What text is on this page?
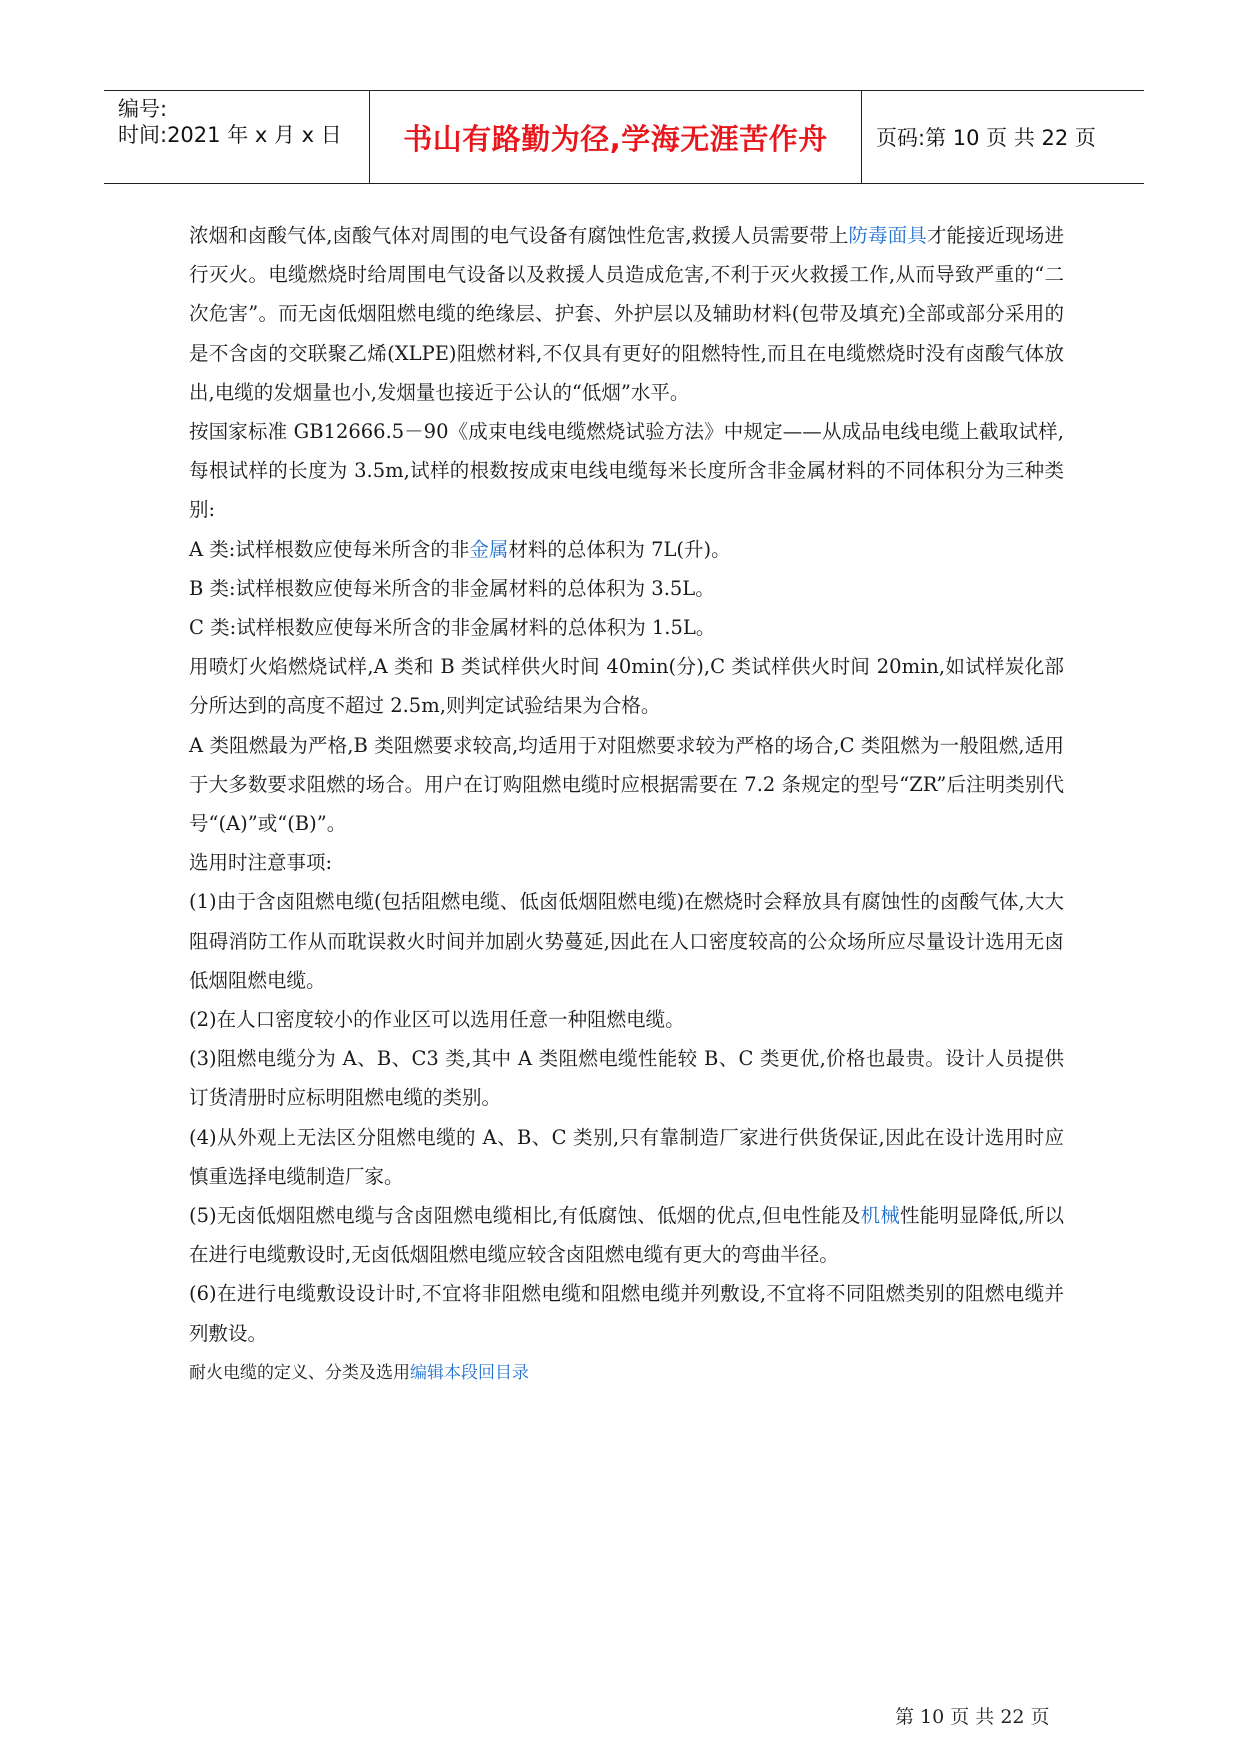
编号:
时间:2021 年 x 月 x 日 书山有路勤为径,学海无涯苦作舟 页码:第 10 页 共 22 页

浓烟和卤酸气体,卤酸气体对周围的电气设备有腐蚀性危害,救援人员需要带上防毒面具才能接近现场进行灭火。电缆燃烧时给周围电气设备以及救援人员造成危害,不利于灭火救援工作,从而导致严重的“二次危害”。而无卤低烟阻燃电缆的绝缘层、护套、外护层以及辅助材料(包带及填充)全部或部分采用的是不含卤的交联聚乙烯(XLPE)阻燃材料,不仅具有更好的阻燃特性,而且在电缆燃烧时没有卤酸气体放出,电缆的发烟量也小,发烟量也接近于公认的“低烟”水平。

按国家标准 GB12666.5－90《成束电线电缆燃烧试验方法》中规定——从成品电线电缆上截取试样,每根试样的长度为 3.5m,试样的根数按成束电线电缆每米长度所含非金属材料的不同体积分为三种类别:

A 类:试样根数应使每米所含的非金属材料的总体积为 7L(升)。

B 类:试样根数应使每米所含的非金属材料的总体积为 3.5L。

C 类:试样根数应使每米所含的非金属材料的总体积为 1.5L。

用喷灯火焰燃烧试样,A 类和 B 类试样供火时间 40min(分),C 类试样供火时间 20min,如试样炭化部分所达到的高度不超过 2.5m,则判定试验结果为合格。

A 类阻燃最为严格,B 类阻燃要求较高,均适用于对阻燃要求较为严格的场合,C 类阻燃为一般阻燃,适用于大多数要求阻燃的场合。用户在订购阻燃电缆时应根据需要在 7.2 条规定的型号“ZR”后注明类别代号“(A)”或“(B)”。

选用时注意事项:

(1)由于含卤阻燃电缆(包括阻燃电缆、低卤低烟阻燃电缆)在燃烧时会释放具有腐蚀性的卤酸气体,大大阻碍消防工作从而耽误救火时间并加剧火势蔓延,因此在人口密度较高的公众场所应尽量设计选用无卤低烟阻燃电缆。

(2)在人口密度较小的作业区可以选用任意一种阻燃电缆。

(3)阻燃电缆分为 A、B、C3 类,其中 A 类阻燃电缆性能较 B、C 类更优,价格也最贵。设计人员提供订货清册时应标明阻燃电缆的类别。

(4)从外观上无法区分阻燃电缆的 A、B、C 类别,只有靠制造厂家进行供货保证,因此在设计选用时应慎重选择电缆制造厂家。

(5)无卤低烟阻燃电缆与含卤阻燃电缆相比,有低腐蚀、低烟的优点,但电性能及机械性能明显降低,所以在进行电缆敷设时,无卤低烟阻燃电缆应较含卤阻燃电缆有更大的弯曲半径。

(6)在进行电缆敷设设计时,不宜将非阻燃电缆和阻燃电缆并列敷设,不宜将不同阻燃类别的阻燃电缆并列敷设。

耐火电缆的定义、分类及选用编辑本段回目录

第 10 页 共 22 页
